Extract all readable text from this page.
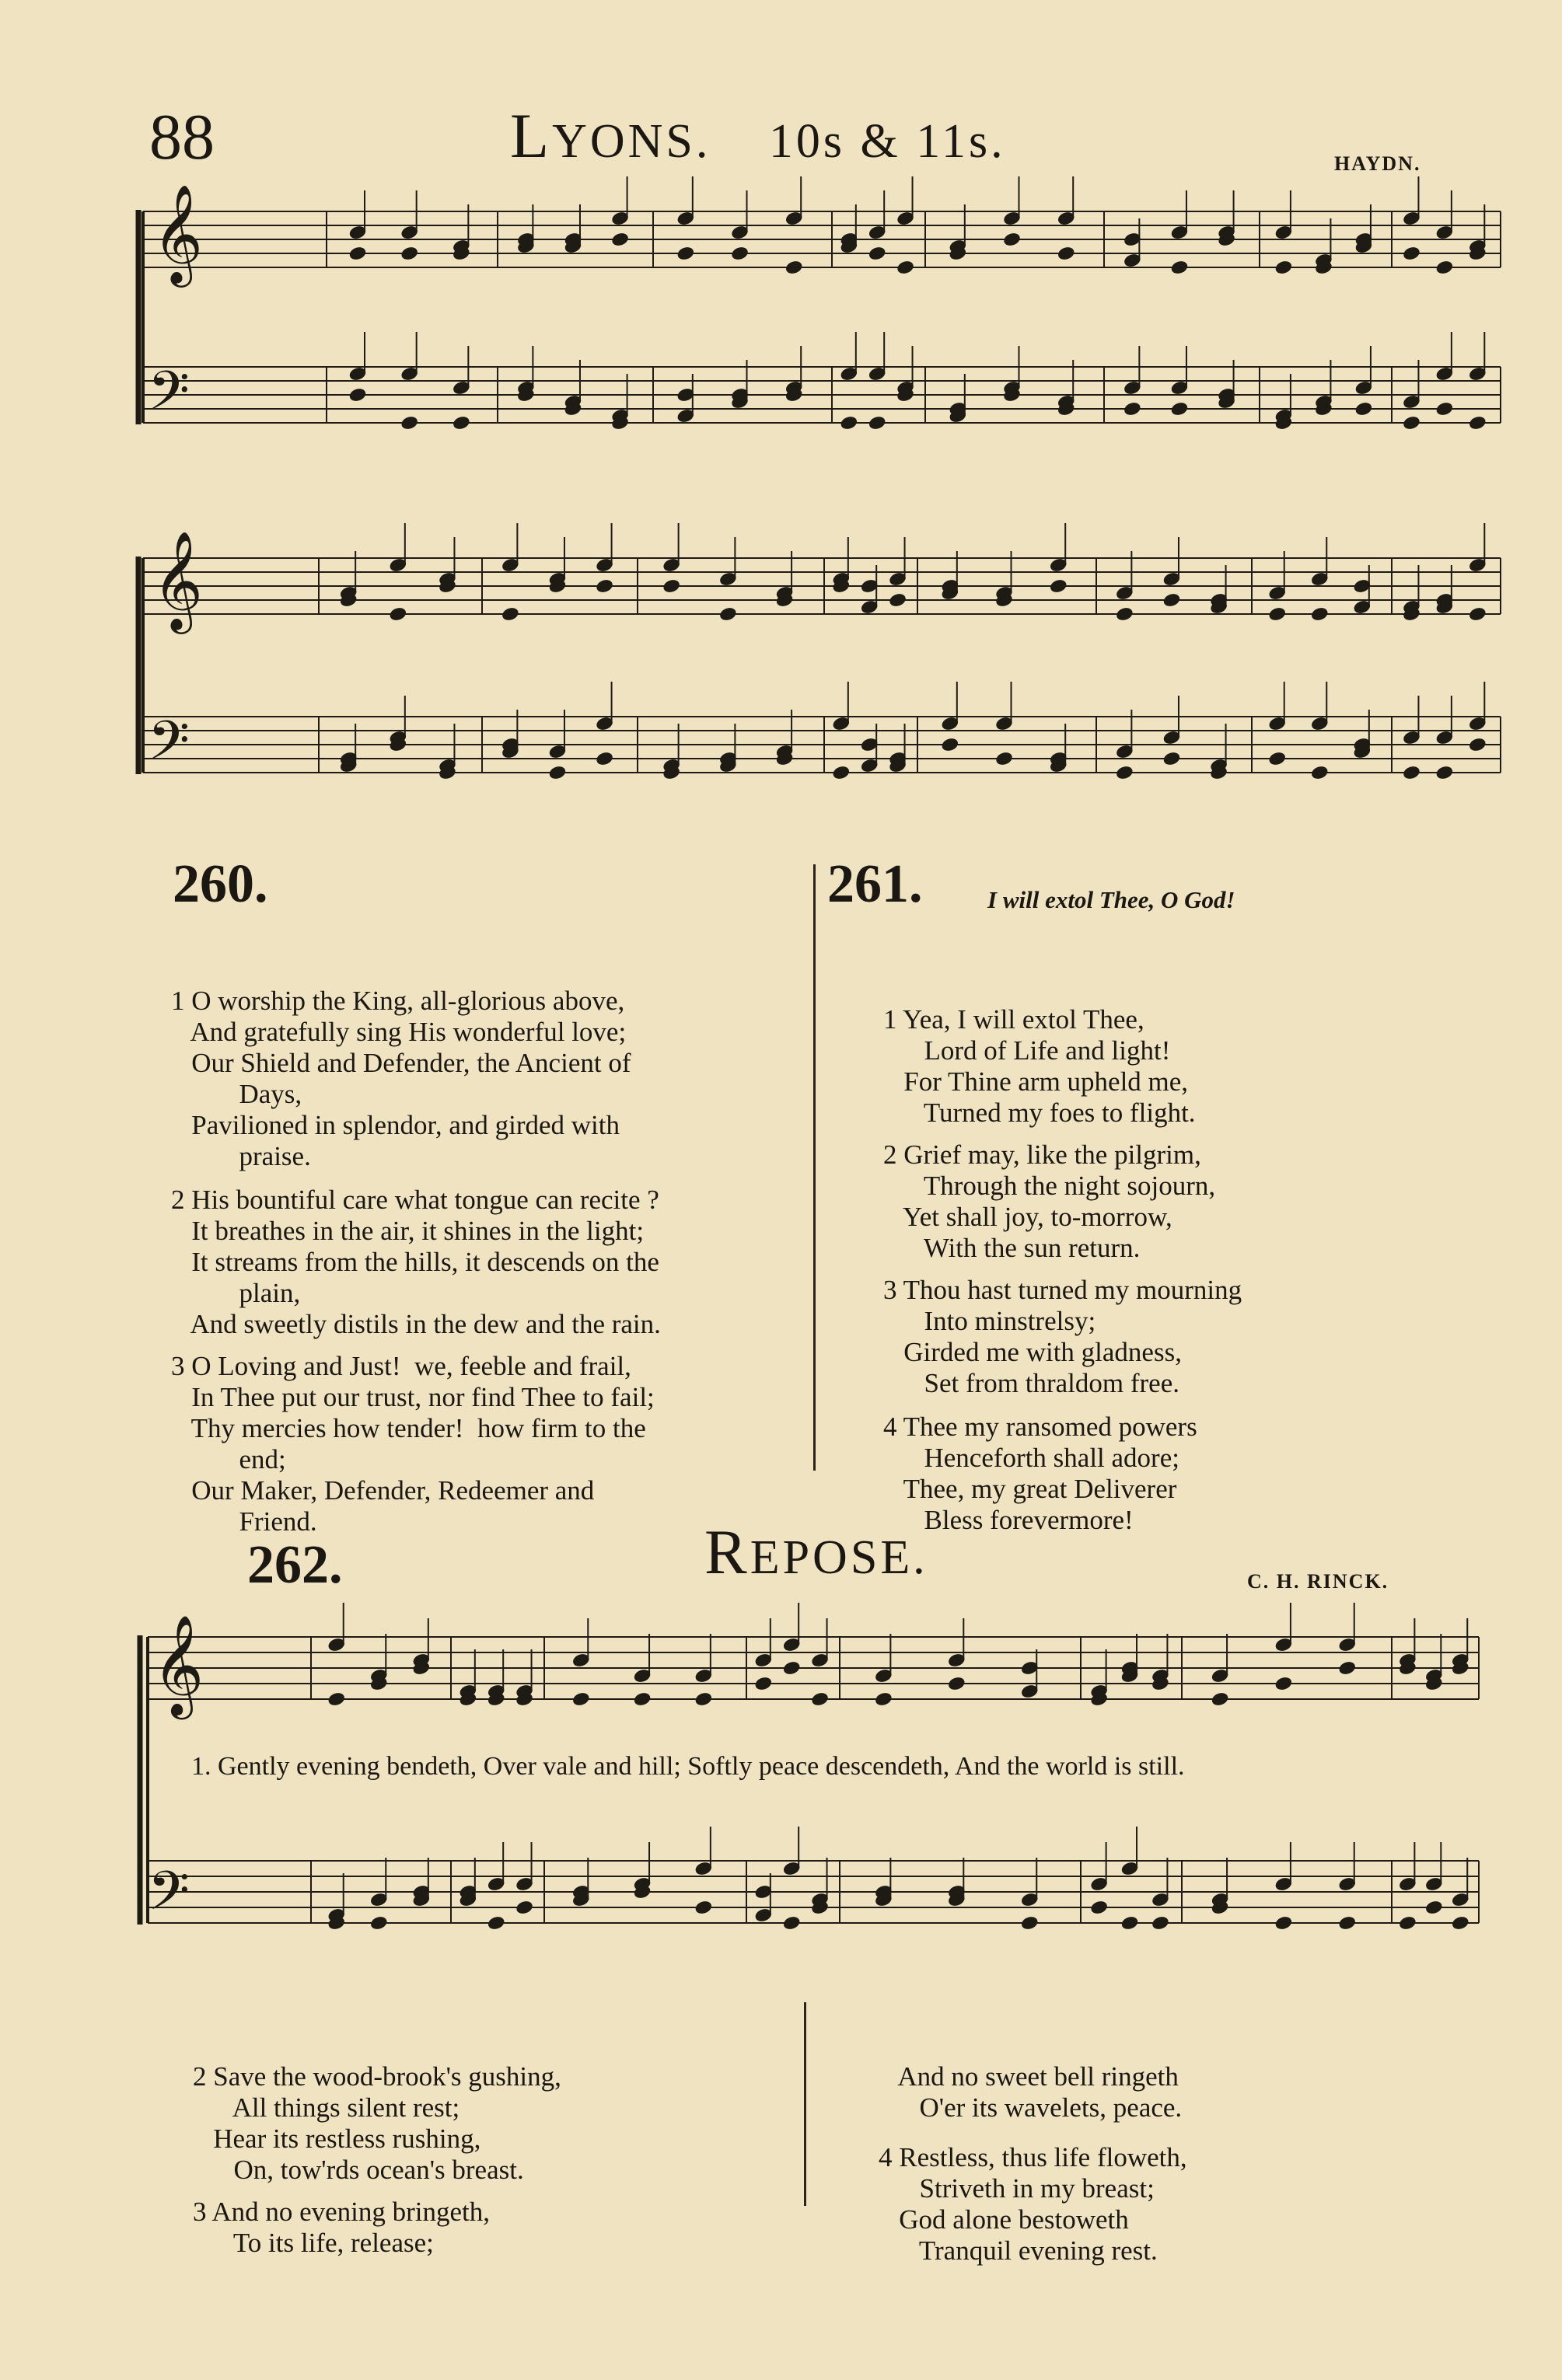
88	LYONS. 10s & 11s.	HAYDN.
𝄞
𝄢
𝄞
𝄢
260.

1 O worship the King, all-glorious above,
And gratefully sing His wonderful love;
Our Shield and Defender, the Ancient of
Days,
Pavilioned in splendor, and girded with
praise.

2 His bountiful care what tongue can recite ?
It breathes in the air, it shines in the light;
It streams from the hills, it descends on the
plain,
And sweetly distils in the dew and the rain.

3 O Loving and Just!  we, feeble and frail,
In Thee put our trust, nor find Thee to fail;
Thy mercies how tender!  how firm to the
end;
Our Maker, Defender, Redeemer and
Friend.

261.	I will extol Thee, O God!

1 Yea, I will extol Thee,
Lord of Life and light!
For Thine arm upheld me,
Turned my foes to flight.

2 Grief may, like the pilgrim,
Through the night sojourn,
Yet shall joy, to-morrow,
With the sun return.

3 Thou hast turned my mourning
Into minstrelsy;
Girded me with gladness,
Set from thraldom free.

4 Thee my ransomed powers
Henceforth shall adore;
Thee, my great Deliverer
Bless forevermore!

262.	REPOSE.	C. H. RINCK.
𝄞
𝄢
1. Gently evening bendeth, Over vale and hill; Softly peace descendeth, And the world is still.

2 Save the wood-brook's gushing,
All things silent rest;
Hear its restless rushing,
On, tow'rds ocean's breast.

3 And no evening bringeth,
To its life, release;

And no sweet bell ringeth
O'er its wavelets, peace.

4 Restless, thus life floweth,
Striveth in my breast;
God alone bestoweth
Tranquil evening rest.
